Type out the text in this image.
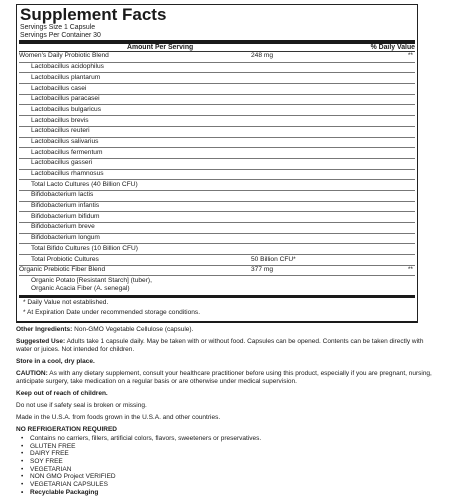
Supplement Facts
Servings Size 1 Capsule
Servings Per Container 30
Amount Per Serving	% Daily Value
Women's Daily Probiotic Blend	248 mg	**
Lactobacillus acidophilus
Lactobacillus plantarum
Lactobacillus casei
Lactobacillus paracasei
Lactobacillus bulgaricus
Lactobacillus brevis
Lactobacillus reuteri
Lactobacillus salivarius
Lactobacillus fermentum
Lactobacillus gasseri
Lactobacillus rhamnosus
Total Lacto Cultures (40 Billion CFU)
Bifidobacterium lactis
Bifidobacterium infantis
Bifidobacterium bifidum
Bifidobacterium breve
Bifidobacterium longum
Total Bifido Cultures (10 Billion CFU)
Total Probiotic Cultures	50 Billion CFU*
Organic Prebiotic Fiber Blend	377 mg	**
Organic Potato [Resistant Starch] (tuber),
Organic Acacia Fiber (A. senegal)
* Daily Value not established.
* At Expiration Date under recommended storage conditions.

Other Ingredients: Non-GMO Vegetable Cellulose (capsule).

Suggested Use: Adults take 1 capsule daily. May be taken with or without food. Capsules can be opened. Contents can be taken directly with water or juices. Not intended for children.

Store in a cool, dry place.

CAUTION: As with any dietary supplement, consult your healthcare practitioner before using this product, especially if you are pregnant, nursing, anticipate surgery, take medication on a regular basis or are otherwise under medical supervision.

Keep out of reach of children.

Do not use if safety seal is broken or missing.

Made in the U.S.A. from foods grown in the U.S.A. and other countries.

NO REFRIGERATION REQUIRED

• Contains no carriers, fillers, artificial colors, flavors, sweeteners or preservatives.
• GLUTEN FREE
• DAIRY FREE
• SOY FREE
• VEGETARIAN
• NON GMO Project VERIFIED
• VEGETARIAN CAPSULES
• Recyclable Packaging
